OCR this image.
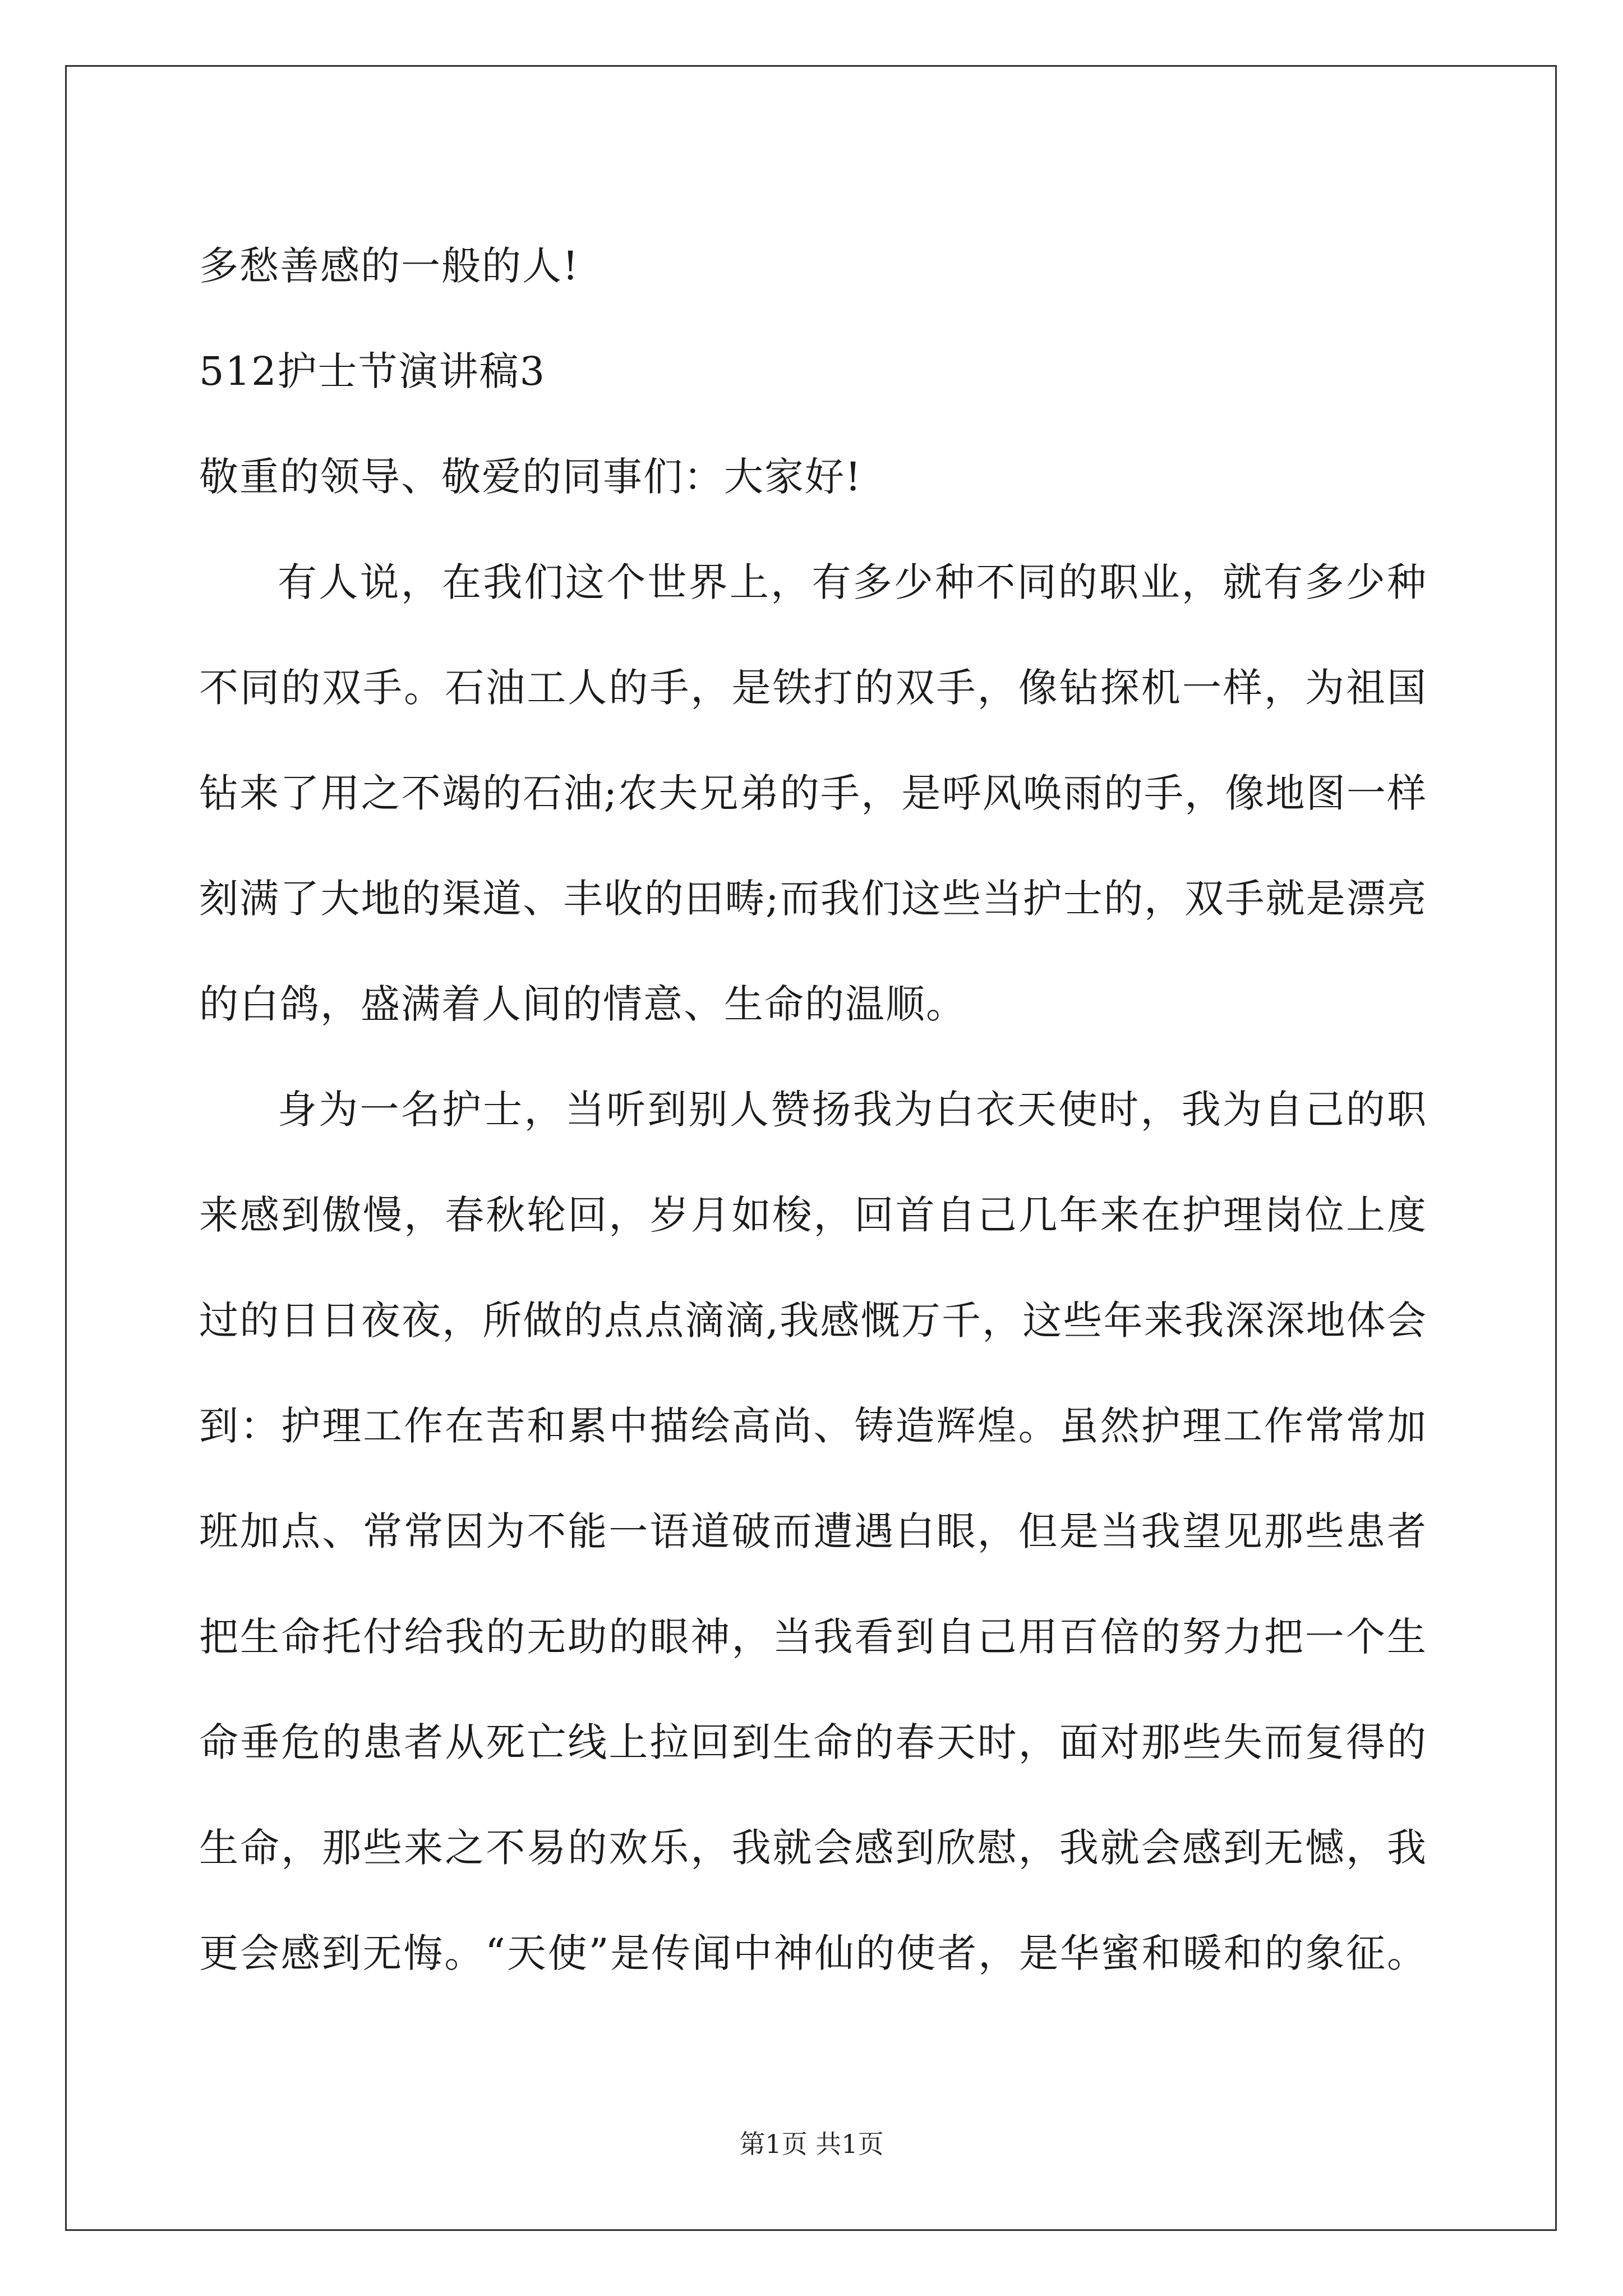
多愁善感的一般的人!
512护士节演讲稿3
敬重的领导、敬爱的同事们：大家好!
有人说，在我们这个世界上，有多少种不同的职业，就有多少种
不同的双手。石油工人的手，是铁打的双手，像钻探机一样，为祖国
钻来了用之不竭的石油;农夫兄弟的手，是呼风唤雨的手，像地图一样
刻满了大地的渠道、丰收的田畴;而我们这些当护士的，双手就是漂亮
的白鸽，盛满着人间的情意、生命的温顺。
身为一名护士，当听到别人赞扬我为白衣天使时，我为自己的职
来感到傲慢，春秋轮回，岁月如梭，回首自己几年来在护理岗位上度
过的日日夜夜，所做的点点滴滴,我感慨万千，这些年来我深深地体会
到：护理工作在苦和累中描绘高尚、铸造辉煌。虽然护理工作常常加
班加点、常常因为不能一语道破而遭遇白眼，但是当我望见那些患者
把生命托付给我的无助的眼神，当我看到自己用百倍的努力把一个生
命垂危的患者从死亡线上拉回到生命的春天时，面对那些失而复得的
生命，那些来之不易的欢乐，我就会感到欣慰，我就会感到无憾，我
更会感到无悔。“天使”是传闻中神仙的使者，是华蜜和暖和的象征。
第1页 共1页
